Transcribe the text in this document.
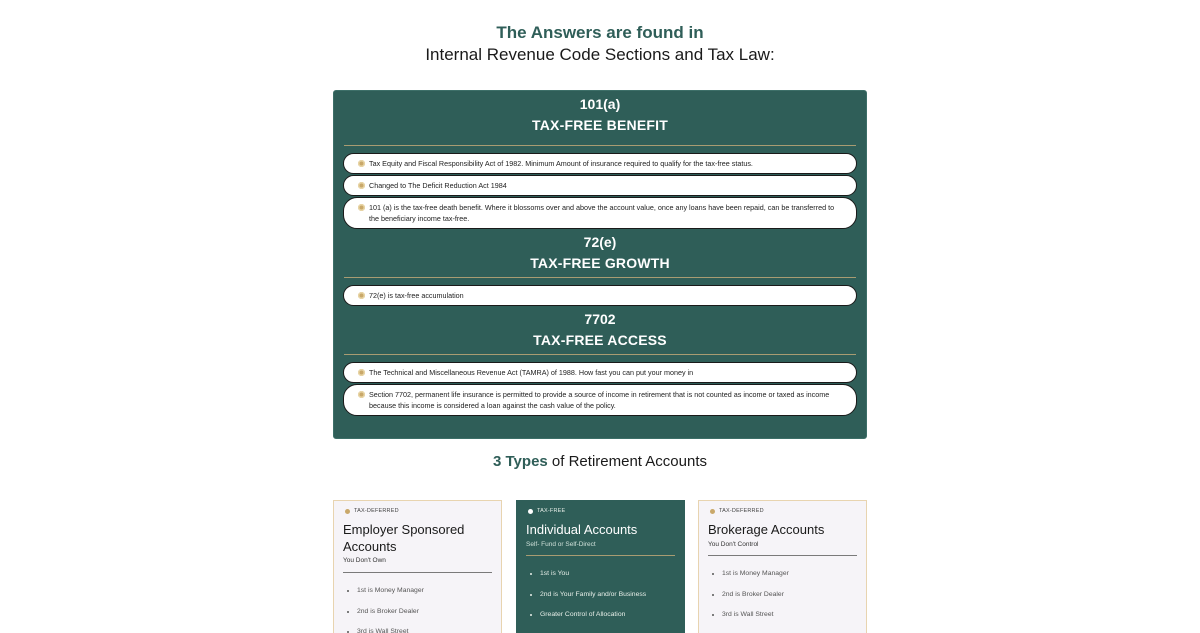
The Answers are found in
Internal Revenue Code Sections and Tax Law:
101(a)
TAX-FREE BENEFIT
Tax Equity and Fiscal Responsibility Act of 1982. Minimum Amount of insurance required to qualify for the tax-free status.
Changed to The Deficit Reduction Act 1984
101 (a) is the tax-free death benefit. Where it blossoms over and above the account value, once any loans have been repaid, can be transferred to the beneficiary income tax-free.
72(e)
TAX-FREE GROWTH
72(e) is tax-free accumulation
7702
TAX-FREE ACCESS
The Technical and Miscellaneous Revenue Act (TAMRA) of 1988. How fast you can put your money in
Section 7702, permanent life insurance is permitted to provide a source of income in retirement that is not counted as income or taxed as income because this income is considered a loan against the cash value of the policy.
3 Types of Retirement Accounts
TAX-DEFERRED
Employer Sponsored Accounts
You Don't Own
• 1st is Money Manager
• 2nd is Broker Dealer
• 3rd is Wall Street
TAX-FREE
Individual Accounts
Self- Fund or Self-Direct
• 1st is You
• 2nd is Your Family and/or Business
• Greater Control of Allocation
TAX-DEFERRED
Brokerage Accounts
You Don't Control
• 1st is Money Manager
• 2nd is Broker Dealer
• 3rd is Wall Street
